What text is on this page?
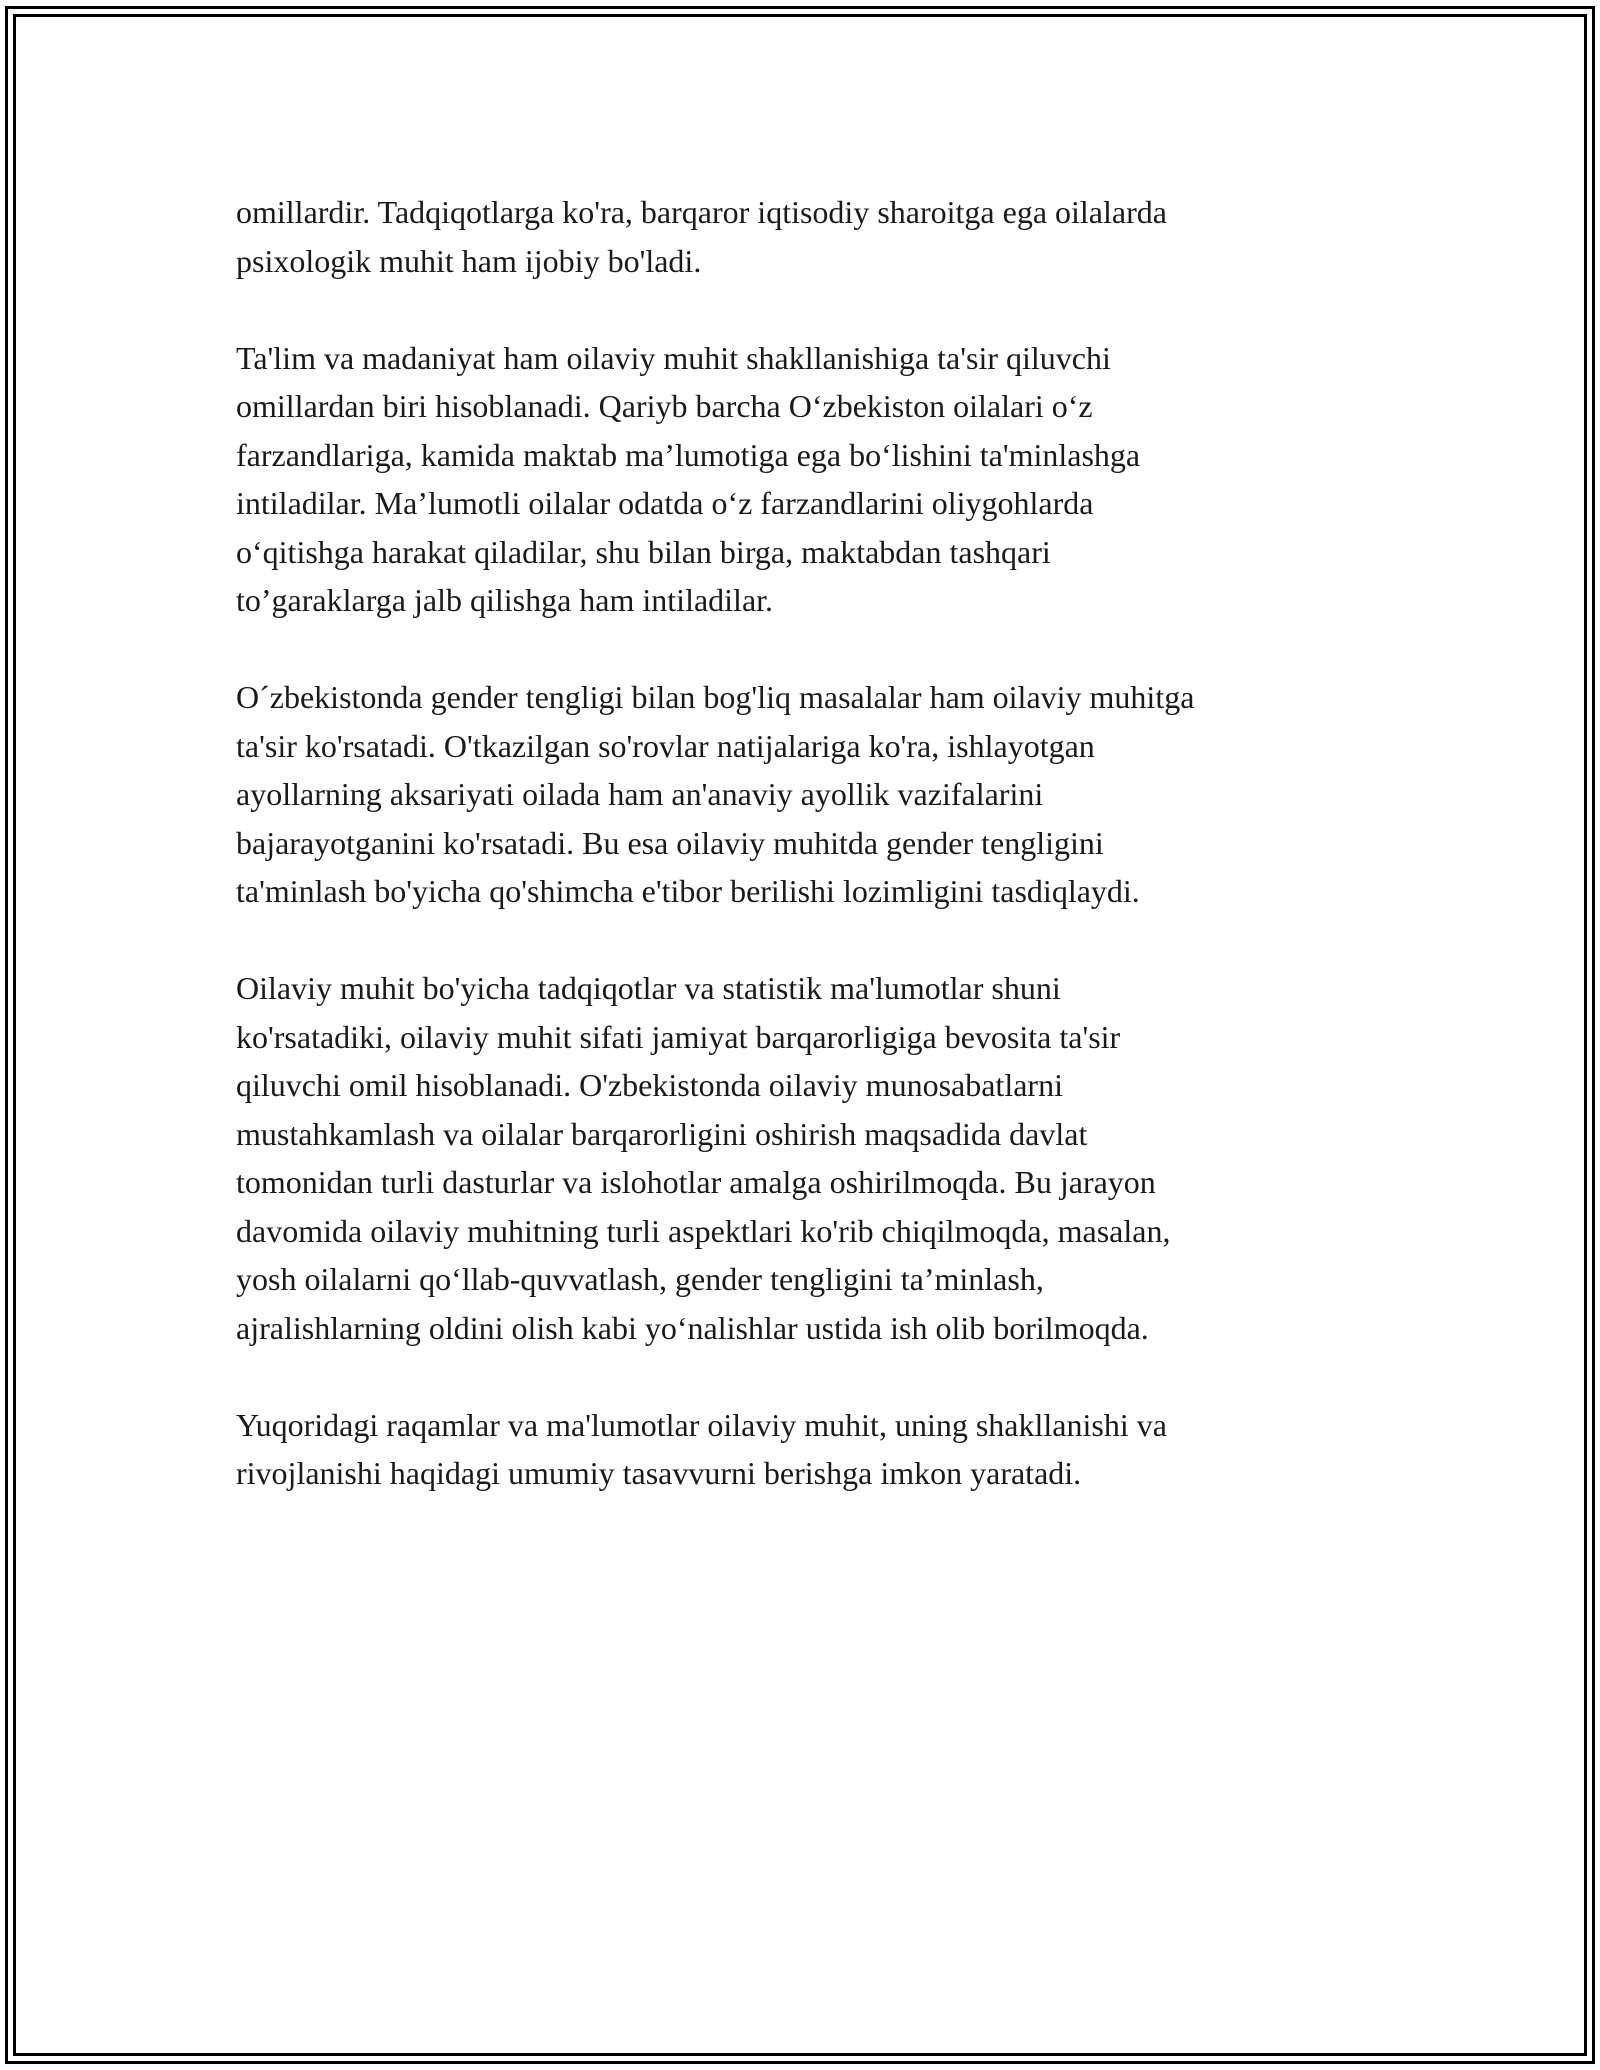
omillardir. Tadqiqotlarga ko'ra, barqaror iqtisodiy sharoitga ega oilalarda
psixologik muhit ham ijobiy bo'ladi.

Ta'lim va madaniyat ham oilaviy muhit shakllanishiga ta'sir qiluvchi
omillardan biri hisoblanadi. Qariyb barcha Oʻzbekiston oilalari oʻz
farzandlariga, kamida maktab maʼlumotiga ega boʻlishini ta'minlashga
intiladilar. Maʼlumotli oilalar odatda oʻz farzandlarini oliygohlarda
oʻqitishga harakat qiladilar, shu bilan birga, maktabdan tashqari
to’garaklarga jalb qilishga ham intiladilar.

O´zbekistonda gender tengligi bilan bog'liq masalalar ham oilaviy muhitga
ta'sir ko'rsatadi. O'tkazilgan so'rovlar natijalariga ko'ra, ishlayotgan
ayollarning aksariyati oilada ham an'anaviy ayollik vazifalarini
bajarayotganini ko'rsatadi. Bu esa oilaviy muhitda gender tengligini
ta'minlash bo'yicha qo'shimcha e'tibor berilishi lozimligini tasdiqlaydi.

Oilaviy muhit bo'yicha tadqiqotlar va statistik ma'lumotlar shuni
ko'rsatadiki, oilaviy muhit sifati jamiyat barqarorligiga bevosita ta'sir
qiluvchi omil hisoblanadi. O'zbekistonda oilaviy munosabatlarni
mustahkamlash va oilalar barqarorligini oshirish maqsadida davlat
tomonidan turli dasturlar va islohotlar amalga oshirilmoqda. Bu jarayon
davomida oilaviy muhitning turli aspektlari ko'rib chiqilmoqda, masalan,
yosh oilalarni qoʻllab-quvvatlash, gender tengligini taʼminlash,
ajralishlarning oldini olish kabi yoʻnalishlar ustida ish olib borilmoqda.

Yuqoridagi raqamlar va ma'lumotlar oilaviy muhit, uning shakllanishi va
rivojlanishi haqidagi umumiy tasavvurni berishga imkon yaratadi.
